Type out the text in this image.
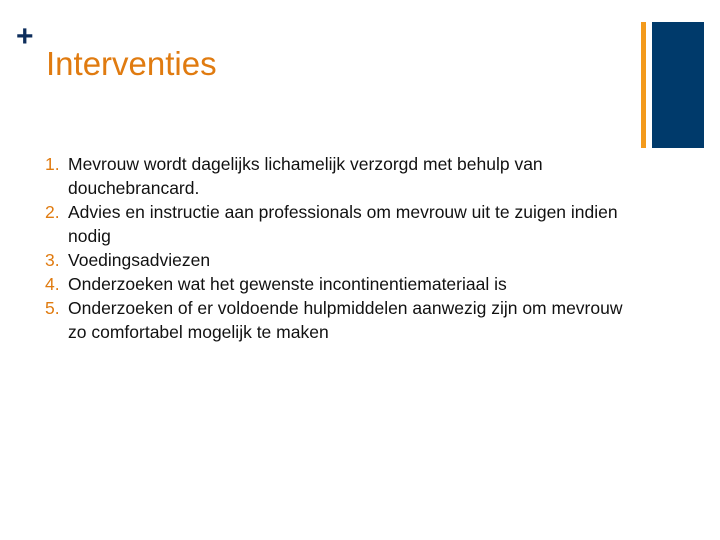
+
Interventies
1. Mevrouw wordt dagelijks lichamelijk verzorgd met behulp van douchebrancard.
2. Advies en instructie aan professionals om mevrouw uit te zuigen indien nodig
3. Voedingsadviezen
4. Onderzoeken wat het gewenste incontinentiemateriaal is
5. Onderzoeken of er voldoende hulpmiddelen aanwezig zijn om mevrouw zo comfortabel mogelijk te maken
